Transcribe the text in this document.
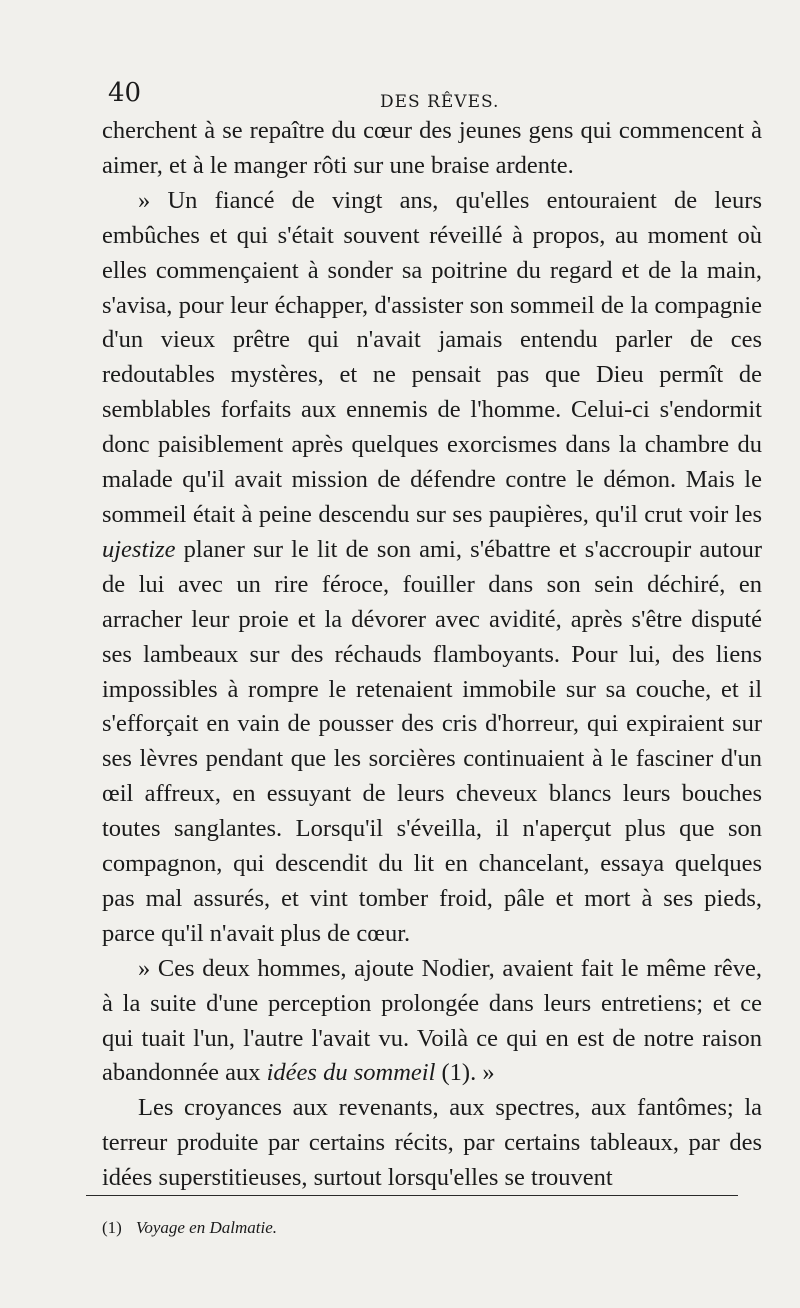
40	DES RÊVES.

cherchent à se repaître du cœur des jeunes gens qui commencent à aimer, et à le manger rôti sur une braise ardente.

» Un fiancé de vingt ans, qu'elles entouraient de leurs embûches et qui s'était souvent réveillé à propos, au moment où elles commençaient à sonder sa poitrine du regard et de la main, s'avisa, pour leur échapper, d'assister son sommeil de la compagnie d'un vieux prêtre qui n'avait jamais entendu parler de ces redoutables mystères, et ne pensait pas que Dieu permît de semblables forfaits aux ennemis de l'homme. Celui-ci s'endormit donc paisiblement après quelques exorcismes dans la chambre du malade qu'il avait mission de défendre contre le démon. Mais le sommeil était à peine descendu sur ses paupières, qu'il crut voir les ujestize planer sur le lit de son ami, s'ébattre et s'accroupir autour de lui avec un rire féroce, fouiller dans son sein déchiré, en arracher leur proie et la dévorer avec avidité, après s'être disputé ses lambeaux sur des réchauds flamboyants. Pour lui, des liens impossibles à rompre le retenaient immobile sur sa couche, et il s'efforçait en vain de pousser des cris d'horreur, qui expiraient sur ses lèvres pendant que les sorcières continuaient à le fasciner d'un œil affreux, en essuyant de leurs cheveux blancs leurs bouches toutes sanglantes. Lorsqu'il s'éveilla, il n'aperçut plus que son compagnon, qui descendit du lit en chancelant, essaya quelques pas mal assurés, et vint tomber froid, pâle et mort à ses pieds, parce qu'il n'avait plus de cœur.

» Ces deux hommes, ajoute Nodier, avaient fait le même rêve, à la suite d'une perception prolongée dans leurs entretiens; et ce qui tuait l'un, l'autre l'avait vu. Voilà ce qui en est de notre raison abandonnée aux idées du sommeil (1). »

Les croyances aux revenants, aux spectres, aux fantômes; la terreur produite par certains récits, par certains tableaux, par des idées superstitieuses, surtout lorsqu'elles se trouvent

(1) Voyage en Dalmatie.
